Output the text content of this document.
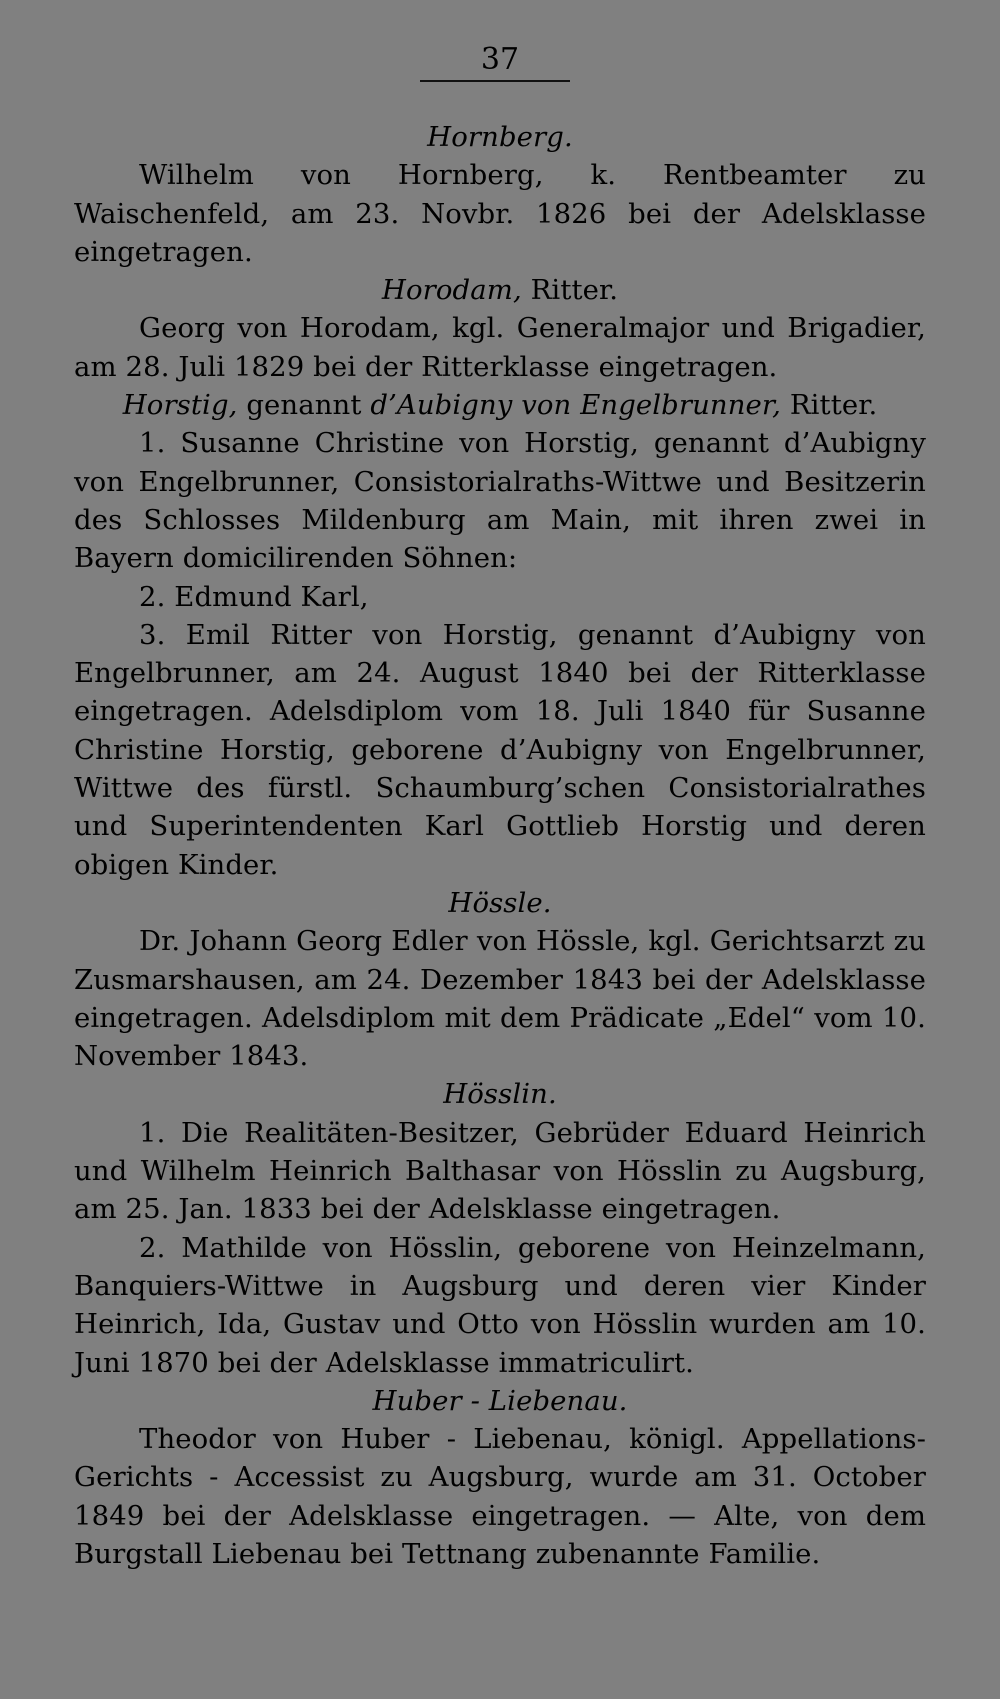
37
Hornberg.
Wilhelm von Hornberg, k. Rentbeamter zu Waischenfeld, am 23. Novbr. 1826 bei der Adelsklasse eingetragen.
Horodam, Ritter.
Georg von Horodam, kgl. Generalmajor und Brigadier, am 28. Juli 1829 bei der Ritterklasse eingetragen.
Horstig, genannt d’Aubigny von Engelbrunner, Ritter.
1. Susanne Christine von Horstig, genannt d’Aubigny von Engelbrunner, Consistorialraths-Wittwe und Besitzerin des Schlosses Mildenburg am Main, mit ihren zwei in Bayern domicilirenden Söhnen:
2. Edmund Karl,
3. Emil Ritter von Horstig, genannt d’Aubigny von Engelbrunner, am 24. August 1840 bei der Ritterklasse eingetragen. Adelsdiplom vom 18. Juli 1840 für Susanne Christine Horstig, geborene d’Aubigny von Engelbrunner, Wittwe des fürstl. Schaumburg’schen Consistorialrathes und Superintendenten Karl Gottlieb Horstig und deren obigen Kinder.
Hössle.
Dr. Johann Georg Edler von Hössle, kgl. Gerichtsarzt zu Zusmarshausen, am 24. Dezember 1843 bei der Adelsklasse eingetragen. Adelsdiplom mit dem Prädicate „Edel“ vom 10. November 1843.
Hösslin.
1. Die Realitäten-Besitzer, Gebrüder Eduard Heinrich und Wilhelm Heinrich Balthasar von Hösslin zu Augsburg, am 25. Jan. 1833 bei der Adelsklasse eingetragen.
2. Mathilde von Hösslin, geborene von Heinzelmann, Banquiers-Wittwe in Augsburg und deren vier Kinder Heinrich, Ida, Gustav und Otto von Hösslin wurden am 10. Juni 1870 bei der Adelsklasse immatriculirt.
Huber - Liebenau.
Theodor von Huber - Liebenau, königl. Appellations-Gerichts - Accessist zu Augsburg, wurde am 31. October 1849 bei der Adelsklasse eingetragen. — Alte, von dem Burgstall Liebenau bei Tettnang zubenannte Familie.
